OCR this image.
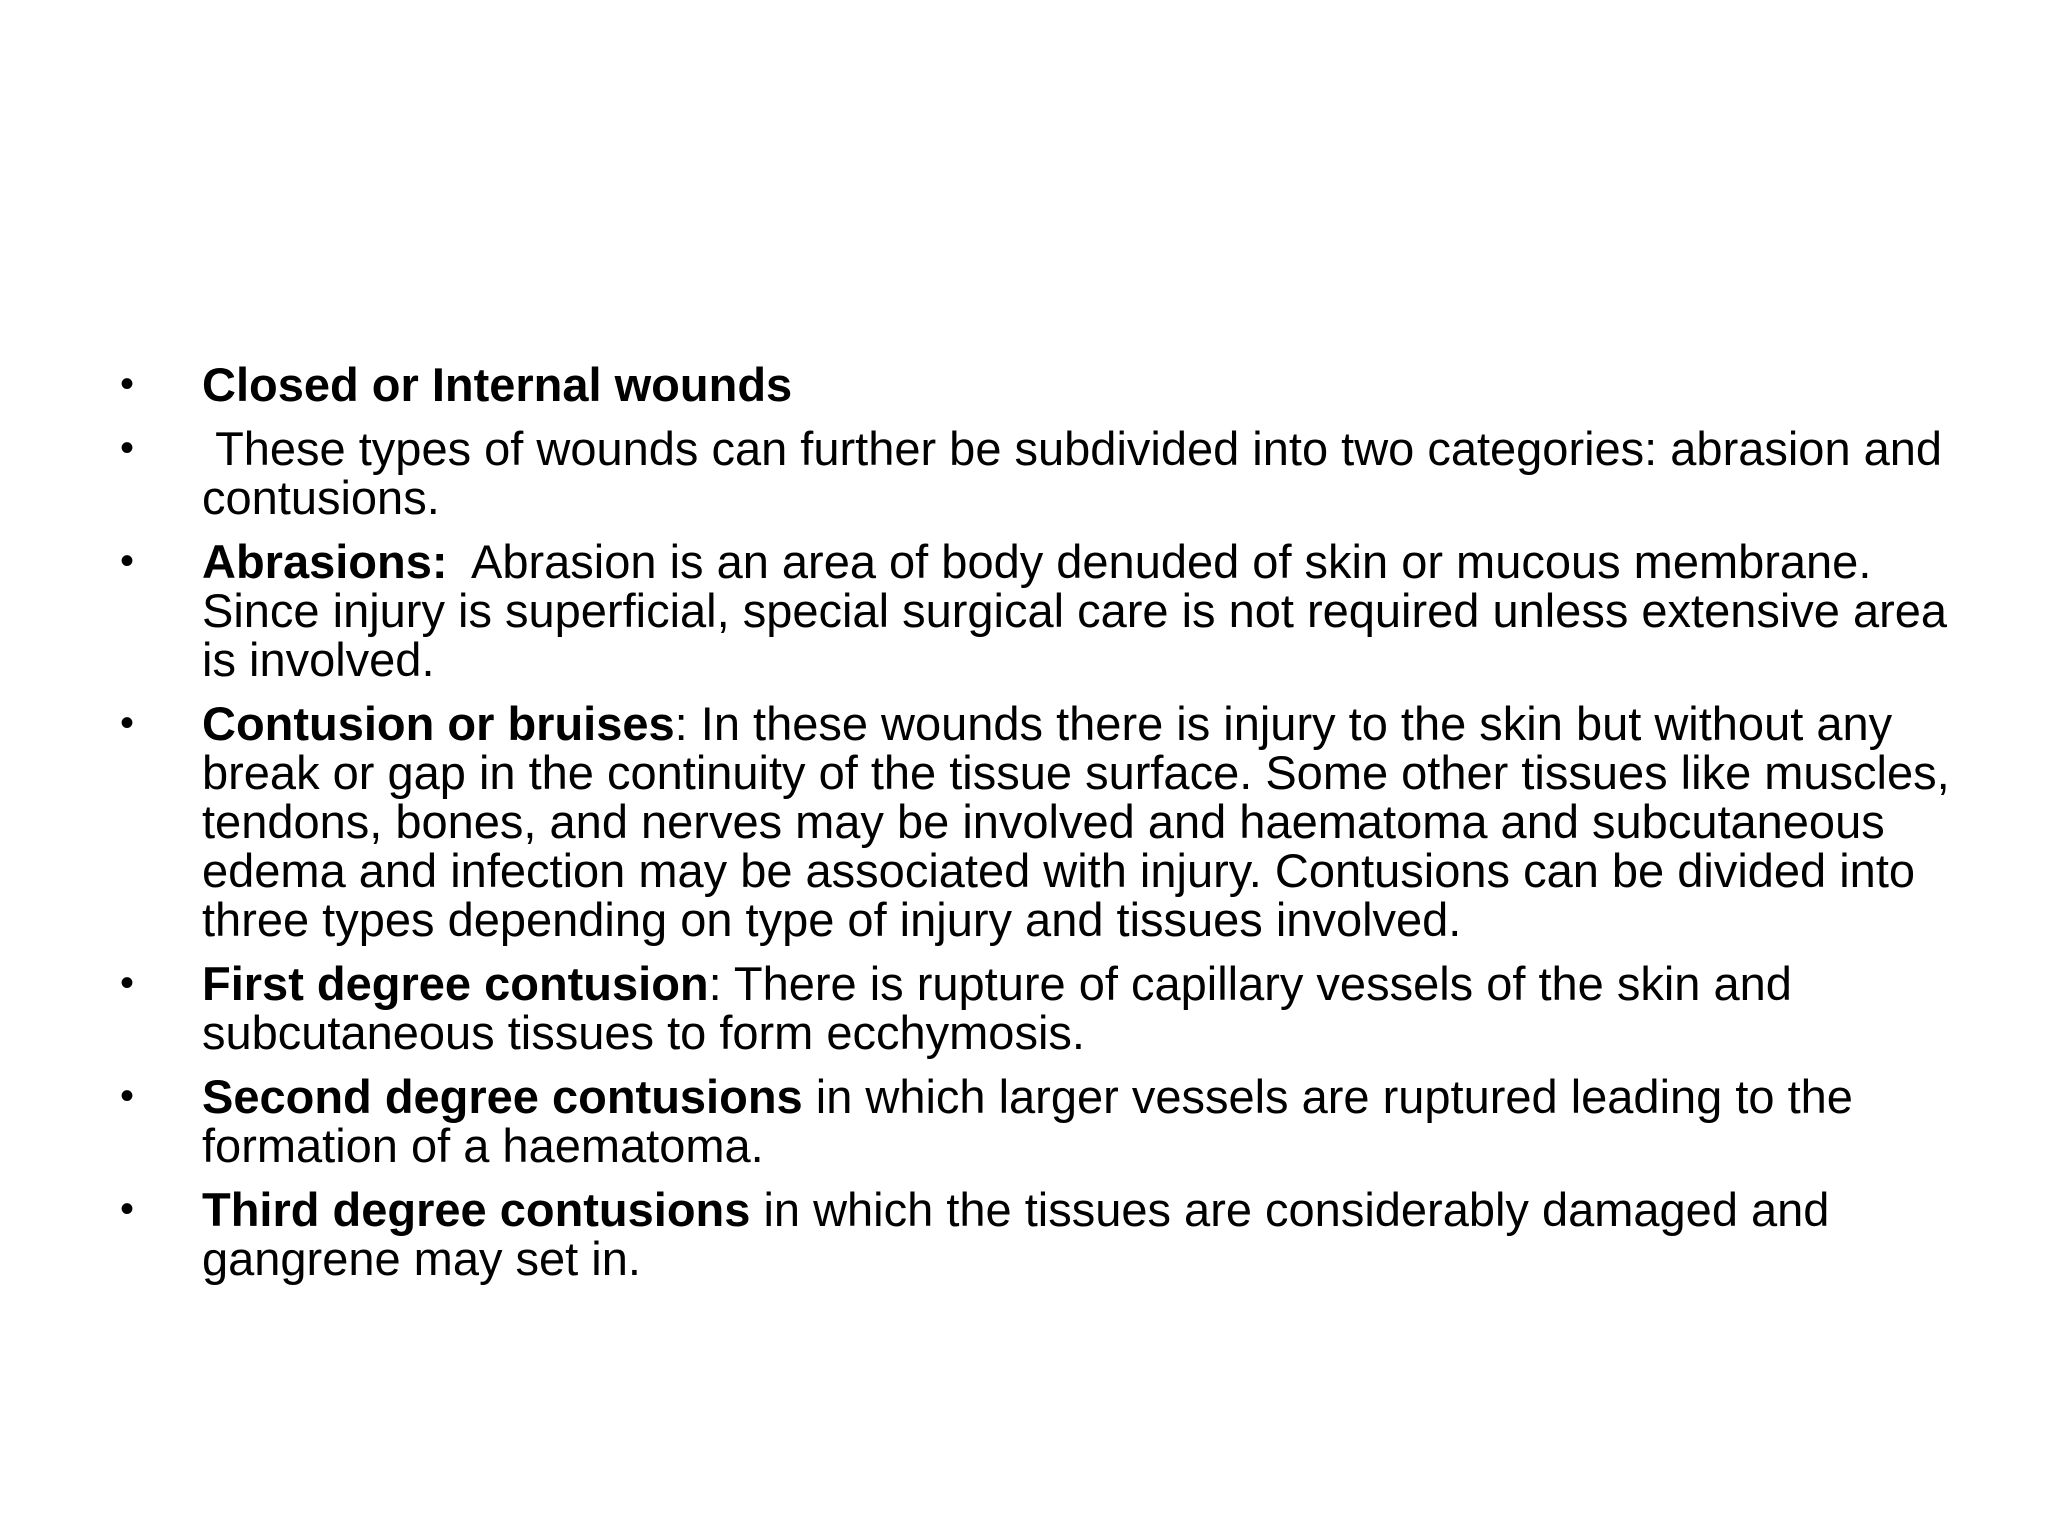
•	Closed or Internal wounds
•	These types of wounds can further be subdivided into two categories: abrasion and contusions.
•	Abrasions:  Abrasion is an area of body denuded of skin or mucous membrane. Since injury is superficial, special surgical care is not required unless extensive area is involved.
•	Contusion or bruises: In these wounds there is injury to the skin but without any break or gap in the continuity of the tissue surface. Some other tissues like muscles, tendons, bones, and nerves may be involved and haematoma and subcutaneous edema and infection may be associated with injury. Contusions can be divided into three types depending on type of injury and tissues involved.
•	First degree contusion: There is rupture of capillary vessels of the skin and subcutaneous tissues to form ecchymosis.
•	Second degree contusions in which larger vessels are ruptured leading to the formation of a haematoma.
•	Third degree contusions in which the tissues are considerably damaged and gangrene may set in.
